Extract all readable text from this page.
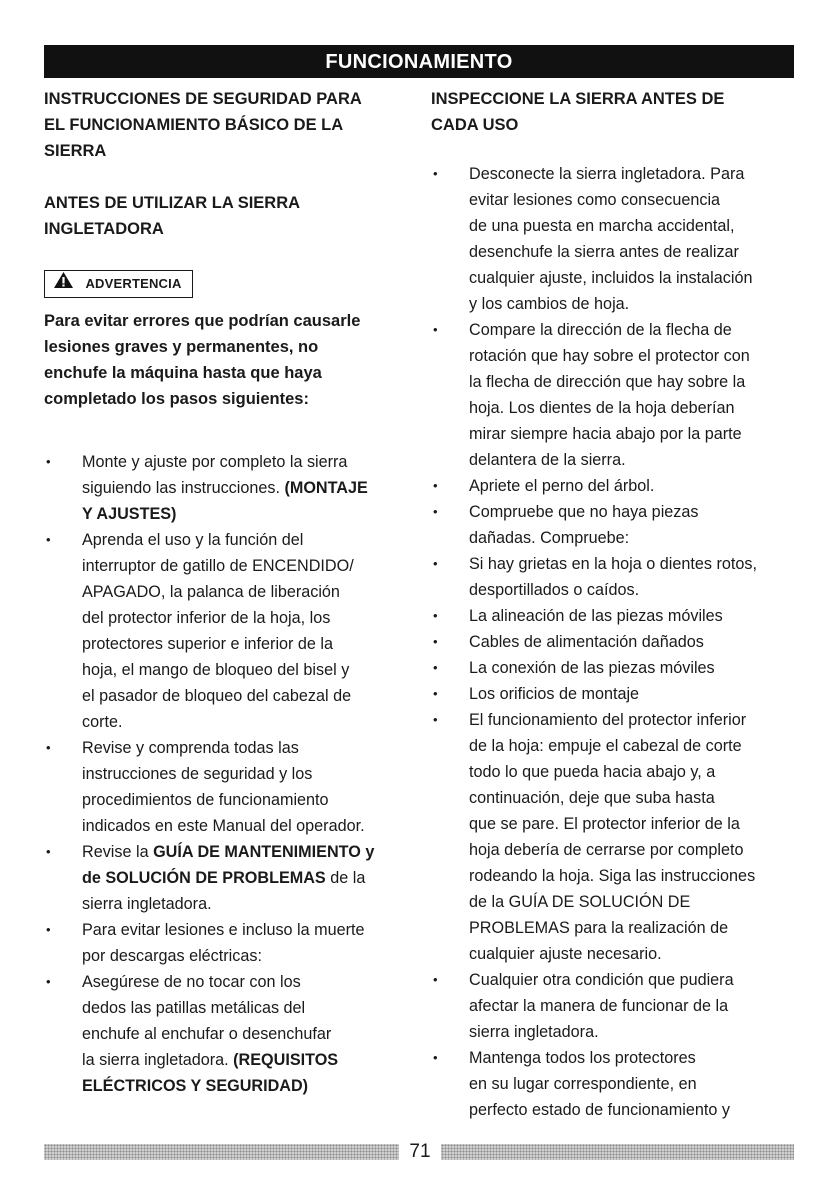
FUNCIONAMIENTO
INSTRUCCIONES DE SEGURIDAD PARA
EL FUNCIONAMIENTO BÁSICO DE LA
SIERRA
ANTES DE UTILIZAR LA SIERRA
INGLETADORA
ADVERTENCIA
Para evitar errores que podrían causarle
lesiones graves y permanentes, no
enchufe la máquina hasta que haya
completado los pasos siguientes:
• Monte y ajuste por completo la sierra
siguiendo las instrucciones. (MONTAJE
Y AJUSTES)
• Aprenda el uso y la función del
interruptor de gatillo de ENCENDIDO/
APAGADO, la palanca de liberación
del protector inferior de la hoja, los
protectores superior e inferior de la
hoja, el mango de bloqueo del bisel y
el pasador de bloqueo del cabezal de
corte.
• Revise y comprenda todas las
instrucciones de seguridad y los
procedimientos de funcionamiento
indicados en este Manual del operador.
• Revise la GUÍA DE MANTENIMIENTO y
de SOLUCIÓN DE PROBLEMAS de la
sierra ingletadora.
• Para evitar lesiones e incluso la muerte
por descargas eléctricas:
• Asegúrese de no tocar con los
dedos las patillas metálicas del
enchufe al enchufar o desenchufar
la sierra ingletadora. (REQUISITOS
ELÉCTRICOS Y SEGURIDAD)
INSPECCIONE LA SIERRA ANTES DE
CADA USO
• Desconecte la sierra ingletadora. Para
evitar lesiones como consecuencia
de una puesta en marcha accidental,
desenchufe la sierra antes de realizar
cualquier ajuste, incluidos la instalación
y los cambios de hoja.
• Compare la dirección de la flecha de
rotación que hay sobre el protector con
la flecha de dirección que hay sobre la
hoja. Los dientes de la hoja deberían
mirar siempre hacia abajo por la parte
delantera de la sierra.
• Apriete el perno del árbol.
• Compruebe que no haya piezas
dañadas. Compruebe:
• Si hay grietas en la hoja o dientes rotos,
desportillados o caídos.
• La alineación de las piezas móviles
• Cables de alimentación dañados
• La conexión de las piezas móviles
• Los orificios de montaje
• El funcionamiento del protector inferior
de la hoja: empuje el cabezal de corte
todo lo que pueda hacia abajo y, a
continuación, deje que suba hasta
que se pare. El protector inferior de la
hoja debería de cerrarse por completo
rodeando la hoja. Siga las instrucciones
de la GUÍA DE SOLUCIÓN DE
PROBLEMAS para la realización de
cualquier ajuste necesario.
• Cualquier otra condición que pudiera
afectar la manera de funcionar de la
sierra ingletadora.
• Mantenga todos los protectores
en su lugar correspondiente, en
perfecto estado de funcionamiento y
71
